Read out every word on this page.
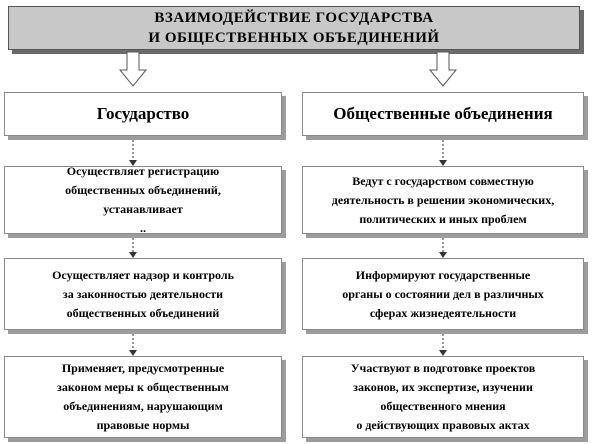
ВЗАИМОДЕЙСТВИЕ ГОСУДАРСТВА
И ОБЩЕСТВЕННЫХ ОБЪЕДИНЕНИЙ
Государство	Общественные объединения
Осуществляет регистрацию
общественных объединений,
устанавливает
..
Осуществляет надзор и контроль
за законностью деятельности
общественных объединений
Применяет, предусмотренные
законом меры к общественным
объединениям, нарушающим
правовые нормы
Ведут с государством совместную
деятельность в решении экономических,
политических и иных проблем
Информируют государственные
органы о состоянии дел в различных
сферах жизнедеятельности
Участвуют в подготовке проектов
законов, их экспертизе, изучении
общественного мнения
о действующих правовых актах
